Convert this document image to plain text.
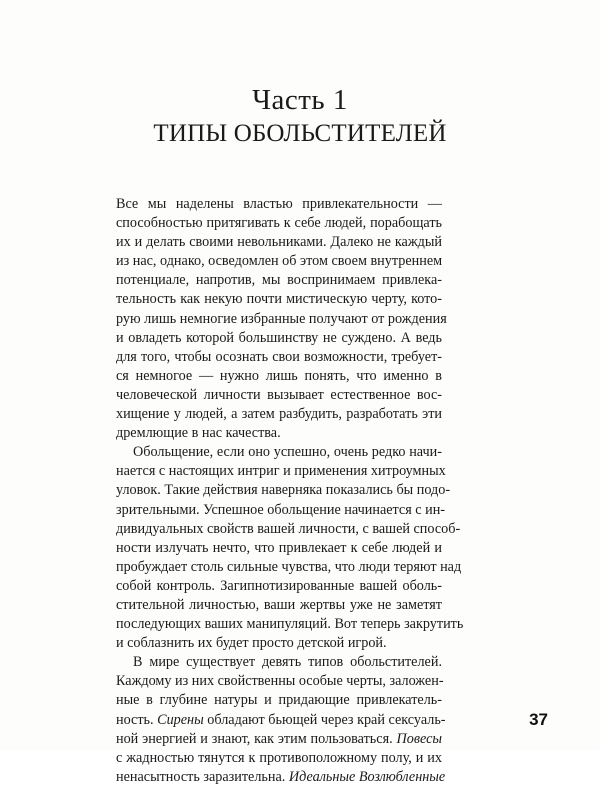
Часть 1
ТИПЫ ОБОЛЬСТИТЕЛЕЙ
Все мы наделены властью привлекательности —
способностью притягивать к себе людей, порабощать
их и делать своими невольниками. Далеко не каждый
из нас, однако, осведомлен об этом своем внутреннем
потенциале, напротив, мы воспринимаем привлека-
тельность как некую почти мистическую черту, кото-
рую лишь немногие избранные получают от рождения
и овладеть которой большинству не суждено. А ведь
для того, чтобы осознать свои возможности, требует-
ся немногое — нужно лишь понять, что именно в
человеческой личности вызывает естественное вос-
хищение у людей, а затем разбудить, разработать эти
дремлющие в нас качества.
Обольщение, если оно успешно, очень редко начи-
нается с настоящих интриг и применения хитроумных
уловок. Такие действия наверняка показались бы подо-
зрительными. Успешное обольщение начинается с ин-
дивидуальных свойств вашей личности, с вашей способ-
ности излучать нечто, что привлекает к себе людей и
пробуждает столь сильные чувства, что люди теряют над
собой контроль. Загипнотизированные вашей оболь-
стительной личностью, ваши жертвы уже не заметят
последующих ваших манипуляций. Вот теперь закрутить
и соблазнить их будет просто детской игрой.
В мире существует девять типов обольстителей.
Каждому из них свойственны особые черты, заложен-
ные в глубине натуры и придающие привлекатель-
ность. Сирены обладают бьющей через край сексуаль-
ной энергией и знают, как этим пользоваться. Повесы
с жадностью тянутся к противоположному полу, и их
ненасытность заразительна. Идеальные Возлюбленные
37
